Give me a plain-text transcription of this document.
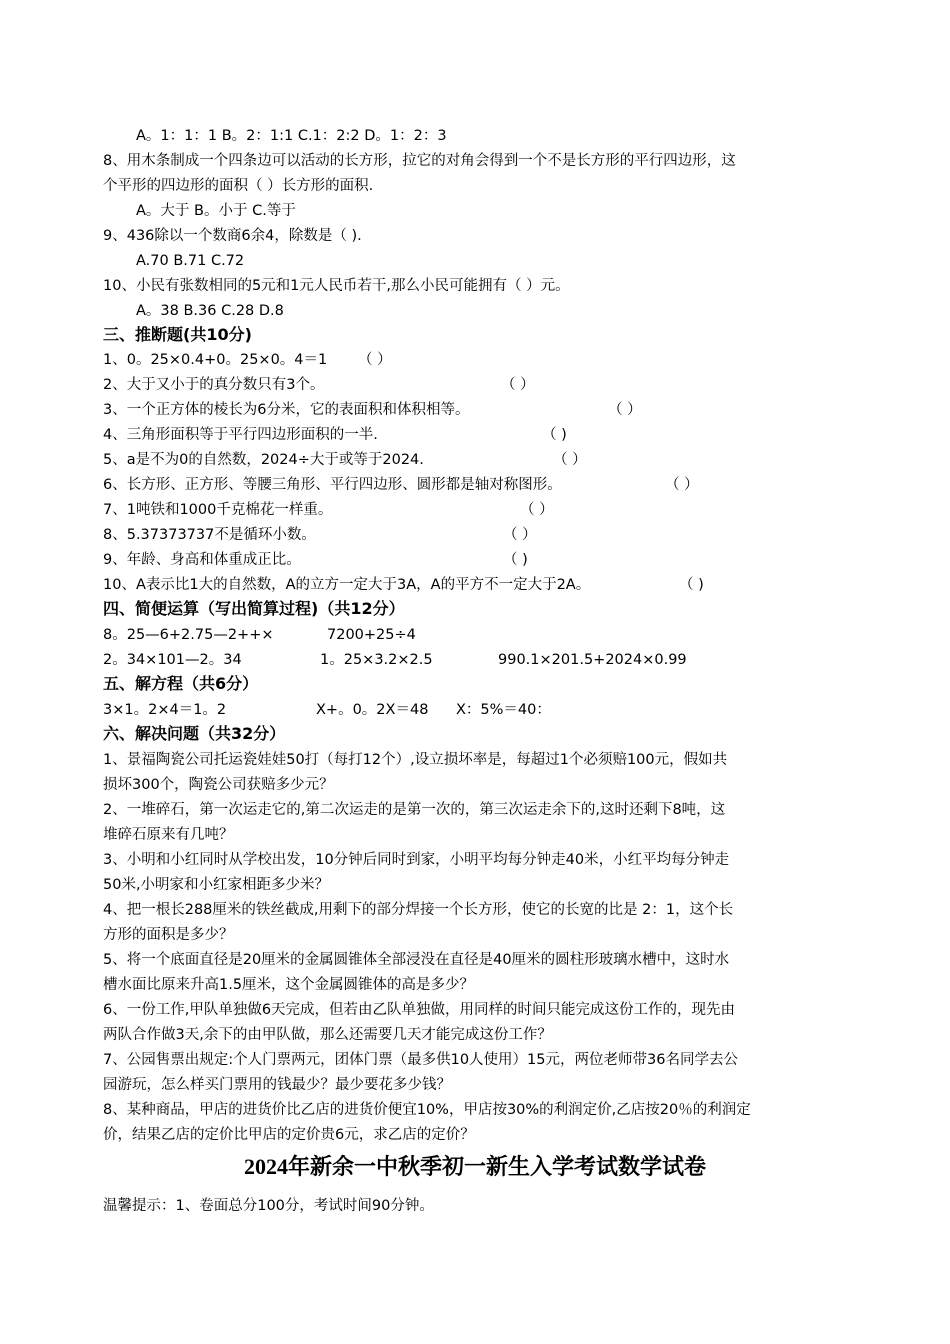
A。1：1：1 B。2：1:1 C.1：2:2 D。1：2：3
8、用木条制成一个四条边可以活动的长方形，拉它的对角会得到一个不是长方形的平行四边形，这
个平形的四边形的面积（ ）长方形的面积.
A。大于 B。小于 C.等于
9、436除以一个数商6余4，除数是（ ).
A.70 B.71 C.72
10、小民有张数相同的5元和1元人民币若干,那么小民可能拥有（ ）元。
A。38 B.36 C.28 D.8
三、推断题(共10分)
1、0。25×0.4+0。25×0。4＝1 （ ）
2、大于又小于的真分数只有3个。	（ ）
3、一个正方体的棱长为6分米，它的表面积和体积相等。	（ ）
4、三角形面积等于平行四边形面积的一半.	（ )
5、a是不为0的自然数，2024÷大于或等于2024.	（ ）
6、长方形、正方形、等腰三角形、平行四边形、圆形都是轴对称图形。	（ ）
7、1吨铁和1000千克棉花一样重。	（ ）
8、5.37373737不是循环小数。	（ ）
9、年龄、身高和体重成正比。	（ )
10、A表示比1大的自然数，A的立方一定大于3A，A的平方不一定大于2A。	（ )
四、简便运算（写出简算过程)（共12分）
8。25—6+2.75—2++×	7200+25÷4
2。34×101—2。34	1。25×3.2×2.5	990.1×201.5+2024×0.99
五、解方程（共6分）
3×1。2×4＝1。2	X+。0。2X＝48 X：5%＝40：
六、解决问题（共32分）
1、景福陶瓷公司托运瓷娃娃50打（每打12个）,设立损坏率是，每超过1个必须赔100元，假如共
损坏300个，陶瓷公司获赔多少元？
2、一堆碎石，第一次运走它的,第二次运走的是第一次的，第三次运走余下的,这时还剩下8吨，这
堆碎石原来有几吨？
3、小明和小红同时从学校出发，10分钟后同时到家，小明平均每分钟走40米，小红平均每分钟走
50米,小明家和小红家相距多少米？
4、把一根长288厘米的铁丝截成,用剩下的部分焊接一个长方形，使它的长宽的比是 2：1，这个长
方形的面积是多少？
5、将一个底面直径是20厘米的金属圆锥体全部浸没在直径是40厘米的圆柱形玻璃水槽中，这时水
槽水面比原来升高1.5厘米，这个金属圆锥体的高是多少？
6、一份工作,甲队单独做6天完成，但若由乙队单独做，用同样的时间只能完成这份工作的，现先由
两队合作做3天,余下的由甲队做，那么还需要几天才能完成这份工作？
7、公园售票出规定:个人门票两元，团体门票（最多供10人使用）15元，两位老师带36名同学去公
园游玩，怎么样买门票用的钱最少？最少要花多少钱？
8、某种商品，甲店的进货价比乙店的进货价便宜10%，甲店按30%的利润定价,乙店按20％的利润定
价，结果乙店的定价比甲店的定价贵6元，求乙店的定价？
2024年新余一中秋季初一新生入学考试数学试卷
温馨提示：1、卷面总分100分，考试时间90分钟。
